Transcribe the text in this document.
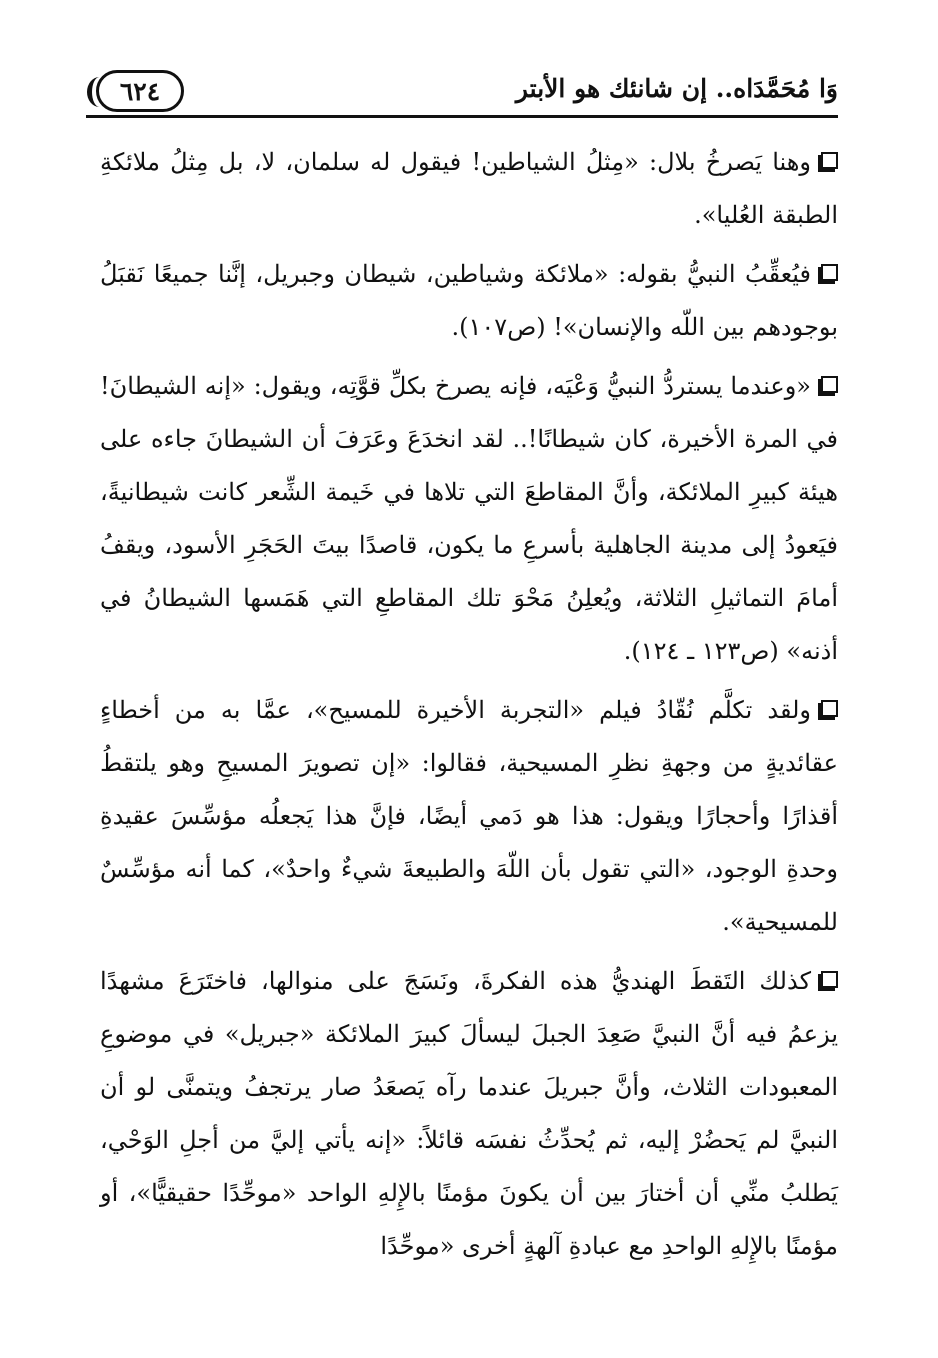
٦٢٤	وَا مُحَمَّدَاه.. إن شانئك هو الأبتر

وهنا يَصرخُ بلال: «مِثلُ الشياطين! فيقول له سلمان، لا، بل مِثلُ ملائكةِ الطبقة العُليا».

فيُعقِّبُ النبيُّ بقوله: «ملائكة وشياطين، شيطان وجبريل، إنَّنا جميعًا نَقبَلُ بوجودهم بين اللّه والإنسان»! (ص١٠٧).

«وعندما يستردُّ النبيُّ وَعْيَه، فإنه يصرخ بكلِّ قوَّتِه، ويقول: «إنه الشيطانَ! في المرة الأخيرة، كان شيطانًا!.. لقد انخدَعَ وعَرَفَ أن الشيطانَ جاءه على هيئة كبيرِ الملائكة، وأنَّ المقاطعَ التي تلاها في خَيمة الشِّعر كانت شيطانيةً، فيَعودُ إلى مدينة الجاهلية بأسرعِ ما يكون، قاصدًا بيتَ الحَجَرِ الأسود، ويقفُ أمامَ التماثيلِ الثلاثة، ويُعلِنُ مَحْوَ تلك المقاطعِ التي هَمَسها الشيطانُ في أذنه» (ص١٢٣ ـ ١٢٤).

ولقد تكلَّم نُقّادُ فيلم «التجربة الأخيرة للمسيح»، عمَّا به من أخطاءٍ عقائديةٍ من وجهةِ نظرِ المسيحية، فقالوا: «إن تصويرَ المسيحِ وهو يلتقطُ أقذارًا وأحجارًا ويقول: هذا هو دَمي أيضًا، فإنَّ هذا يَجعلُه مؤسِّسَ عقيدةِ وحدةِ الوجود، «التي تقول بأن اللّهَ والطبيعةَ شيءٌ واحدٌ»، كما أنه مؤسِّسٌ للمسيحية».

كذلك التَقطَ الهنديُّ هذه الفكرةَ، ونَسَجَ على منوالها، فاختَرَعَ مشهدًا يزعمُ فيه أنَّ النبيَّ صَعِدَ الجبلَ ليسألَ كبيرَ الملائكة «جبريل» في موضوعِ المعبودات الثلاث، وأنَّ جبريلَ عندما رآه يَصعَدُ صار يرتجفُ ويتمنَّى لو أن النبيَّ لم يَحضُرْ إليه، ثم يُحدِّثُ نفسَه قائلاً: «إنه يأتي إليَّ من أجلِ الوَحْي، يَطلبُ منِّي أن أختارَ بين أن يكونَ مؤمنًا بالإِلهِ الواحد «موحِّدًا حقيقيًّا»، أو مؤمنًا بالإِلهِ الواحدِ مع عبادةِ آلهةٍ أخرى «موحِّدًا
